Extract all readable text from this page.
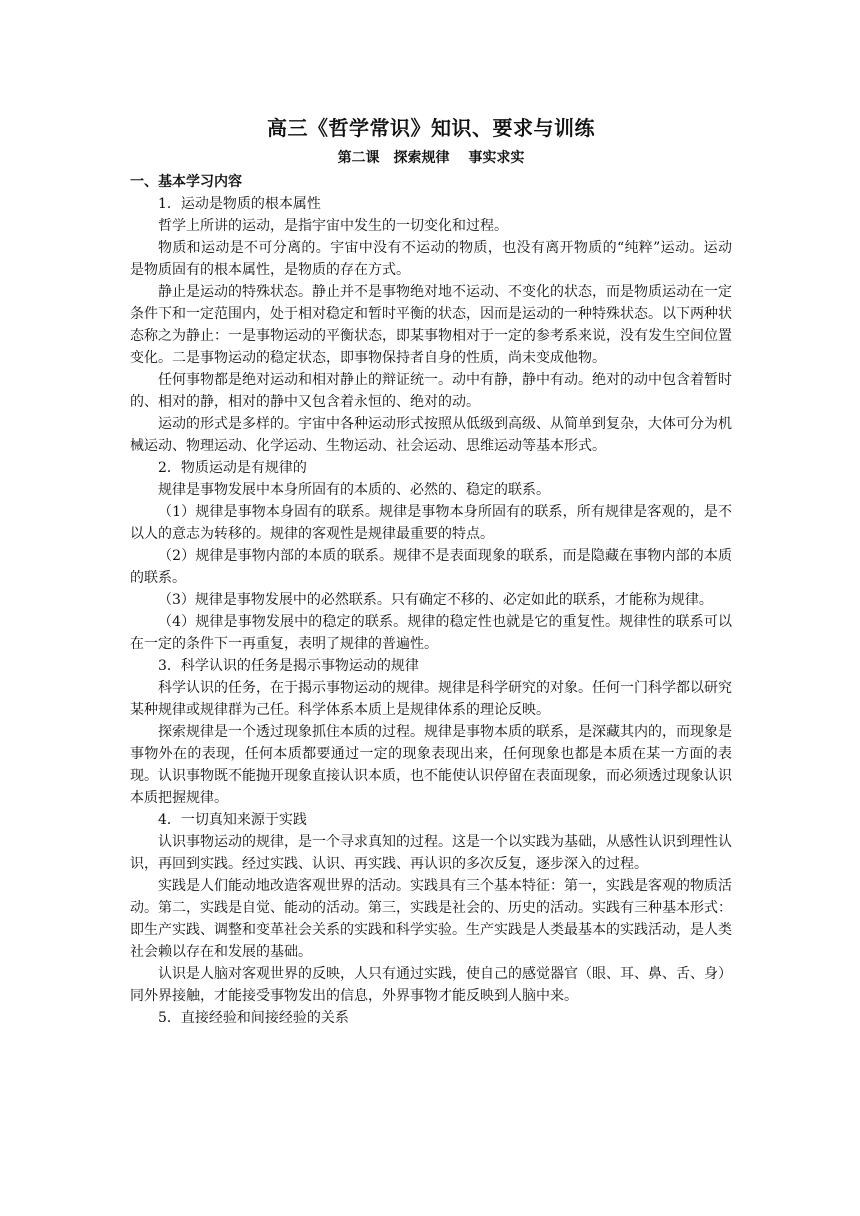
高三《哲学常识》知识、要求与训练
第二课　探索规律　 事实求实
一、基本学习内容

1．运动是物质的根本属性

哲学上所讲的运动，是指宇宙中发生的一切变化和过程。

物质和运动是不可分离的。宇宙中没有不运动的物质，也没有离开物质的“纯粹”运动。运动是物质固有的根本属性，是物质的存在方式。

静止是运动的特殊状态。静止并不是事物绝对地不运动、不变化的状态，而是物质运动在一定条件下和一定范围内，处于相对稳定和暂时平衡的状态，因而是运动的一种特殊状态。以下两种状态称之为静止：一是事物运动的平衡状态，即某事物相对于一定的参考系来说，没有发生空间位置变化。二是事物运动的稳定状态，即事物保持者自身的性质，尚未变成他物。

任何事物都是绝对运动和相对静止的辩证统一。动中有静，静中有动。绝对的动中包含着暂时的、相对的静，相对的静中又包含着永恒的、绝对的动。

运动的形式是多样的。宇宙中各种运动形式按照从低级到高级、从简单到复杂，大体可分为机械运动、物理运动、化学运动、生物运动、社会运动、思维运动等基本形式。

2．物质运动是有规律的

规律是事物发展中本身所固有的本质的、必然的、稳定的联系。

（1）规律是事物本身固有的联系。规律是事物本身所固有的联系，所有规律是客观的，是不以人的意志为转移的。规律的客观性是规律最重要的特点。

（2）规律是事物内部的本质的联系。规律不是表面现象的联系，而是隐藏在事物内部的本质的联系。

（3）规律是事物发展中的必然联系。只有确定不移的、必定如此的联系，才能称为规律。

（4）规律是事物发展中的稳定的联系。规律的稳定性也就是它的重复性。规律性的联系可以在一定的条件下一再重复，表明了规律的普遍性。

3．科学认识的任务是揭示事物运动的规律

科学认识的任务，在于揭示事物运动的规律。规律是科学研究的对象。任何一门科学都以研究某种规律或规律群为己任。科学体系本质上是规律体系的理论反映。

探索规律是一个透过现象抓住本质的过程。规律是事物本质的联系，是深藏其内的，而现象是事物外在的表现，任何本质都要通过一定的现象表现出来，任何现象也都是本质在某一方面的表现。认识事物既不能抛开现象直接认识本质，也不能使认识停留在表面现象，而必须透过现象认识本质把握规律。

4．一切真知来源于实践

认识事物运动的规律，是一个寻求真知的过程。这是一个以实践为基础，从感性认识到理性认识，再回到实践。经过实践、认识、再实践、再认识的多次反复，逐步深入的过程。

实践是人们能动地改造客观世界的活动。实践具有三个基本特征：第一，实践是客观的物质活动。第二，实践是自觉、能动的活动。第三，实践是社会的、历史的活动。实践有三种基本形式：即生产实践、调整和变革社会关系的实践和科学实验。生产实践是人类最基本的实践活动，是人类社会赖以存在和发展的基础。

认识是人脑对客观世界的反映，人只有通过实践，使自己的感觉器官（眼、耳、鼻、舌、身）同外界接触，才能接受事物发出的信息，外界事物才能反映到人脑中来。

5．直接经验和间接经验的关系
